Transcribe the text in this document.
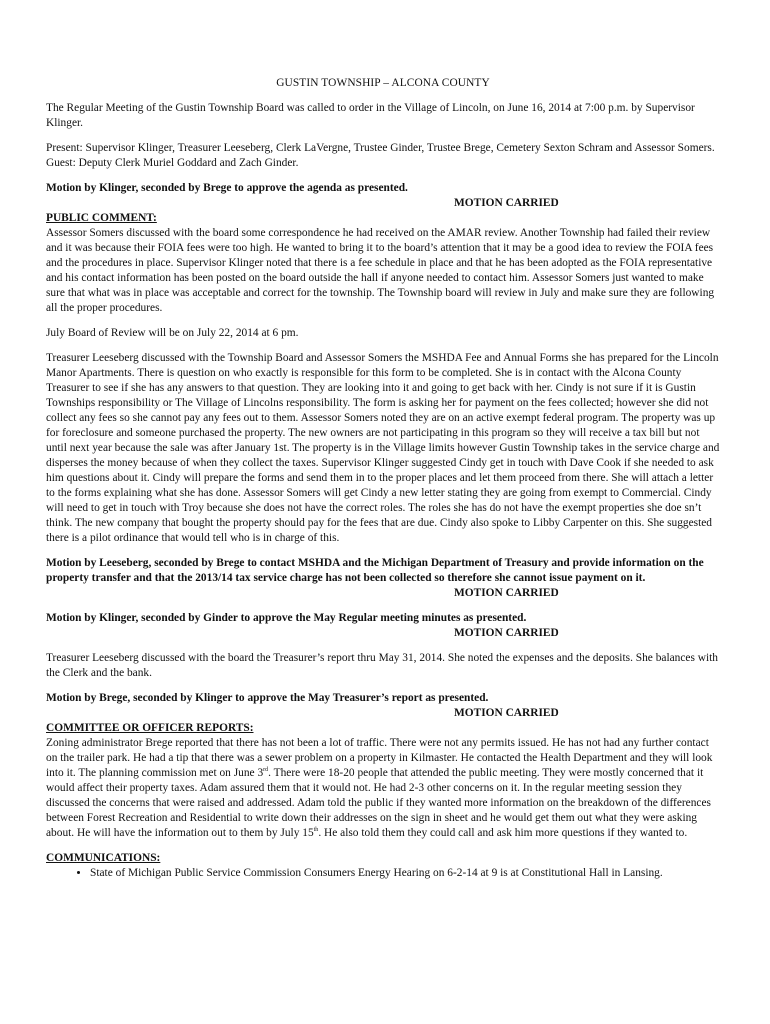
GUSTIN TOWNSHIP – ALCONA COUNTY

The Regular Meeting of the Gustin Township Board was called to order in the Village of Lincoln, on June 16, 2014 at 7:00 p.m. by Supervisor Klinger.

Present: Supervisor Klinger, Treasurer Leeseberg, Clerk LaVergne, Trustee Ginder, Trustee Brege, Cemetery Sexton Schram and Assessor Somers. Guest: Deputy Clerk Muriel Goddard and Zach Ginder.

Motion by Klinger, seconded by Brege to approve the agenda as presented.
MOTION CARRIED
PUBLIC COMMENT:

Assessor Somers discussed with the board some correspondence he had received on the AMAR review. Another Township had failed their review and it was because their FOIA fees were too high. He wanted to bring it to the board’s attention that it may be a good idea to review the FOIA fees and the procedures in place. Supervisor Klinger noted that there is a fee schedule in place and that he has been adopted as the FOIA representative and his contact information has been posted on the board outside the hall if anyone needed to contact him. Assessor Somers just wanted to make sure that what was in place was acceptable and correct for the township. The Township board will review in July and make sure they are following all the proper procedures.

July Board of Review will be on July 22, 2014 at 6 pm.

Treasurer Leeseberg discussed with the Township Board and Assessor Somers the MSHDA Fee and Annual Forms she has prepared for the Lincoln Manor Apartments. There is question on who exactly is responsible for this form to be completed. She is in contact with the Alcona County Treasurer to see if she has any answers to that question. They are looking into it and going to get back with her. Cindy is not sure if it is Gustin Townships responsibility or The Village of Lincolns responsibility. The form is asking her for payment on the fees collected; however she did not collect any fees so she cannot pay any fees out to them. Assessor Somers noted they are on an active exempt federal program. The property was up for foreclosure and someone purchased the property. The new owners are not participating in this program so they will receive a tax bill but not until next year because the sale was after January 1st. The property is in the Village limits however Gustin Township takes in the service charge and disperses the money because of when they collect the taxes. Supervisor Klinger suggested Cindy get in touch with Dave Cook if she needed to ask him questions about it. Cindy will prepare the forms and send them in to the proper places and let them proceed from there. She will attach a letter to the forms explaining what she has done. Assessor Somers will get Cindy a new letter stating they are going from exempt to Commercial. Cindy will need to get in touch with Troy because she does not have the correct roles. The roles she has do not have the exempt properties she doe sn’t think. The new company that bought the property should pay for the fees that are due. Cindy also spoke to Libby Carpenter on this. She suggested there is a pilot ordinance that would tell who is in charge of this.

Motion by Leeseberg, seconded by Brege to contact MSHDA and the Michigan Department of Treasury and provide information on the property transfer and that the 2013/14 tax service charge has not been collected so therefore she cannot issue payment on it.
MOTION CARRIED
Motion by Klinger, seconded by Ginder to approve the May Regular meeting minutes as presented.
MOTION CARRIED

Treasurer Leeseberg discussed with the board the Treasurer’s report thru May 31, 2014. She noted the expenses and the deposits. She balances with the Clerk and the bank.

Motion by Brege, seconded by Klinger to approve the May Treasurer’s report as presented.
MOTION CARRIED
COMMITTEE OR OFFICER REPORTS:

Zoning administrator Brege reported that there has not been a lot of traffic. There were not any permits issued. He has not had any further contact on the trailer park. He had a tip that there was a sewer problem on a property in Kilmaster. He contacted the Health Department and they will look into it. The planning commission met on June 3rd. There were 18-20 people that attended the public meeting. They were mostly concerned that it would affect their property taxes. Adam assured them that it would not. He had 2-3 other concerns on it. In the regular meeting session they discussed the concerns that were raised and addressed. Adam told the public if they wanted more information on the breakdown of the differences between Forest Recreation and Residential to write down their addresses on the sign in sheet and he would get them out what they were asking about. He will have the information out to them by July 15th. He also told them they could call and ask him more questions if they wanted to.

COMMUNICATIONS:
• State of Michigan Public Service Commission Consumers Energy Hearing on 6-2-14 at 9 is at Constitutional Hall in Lansing.
